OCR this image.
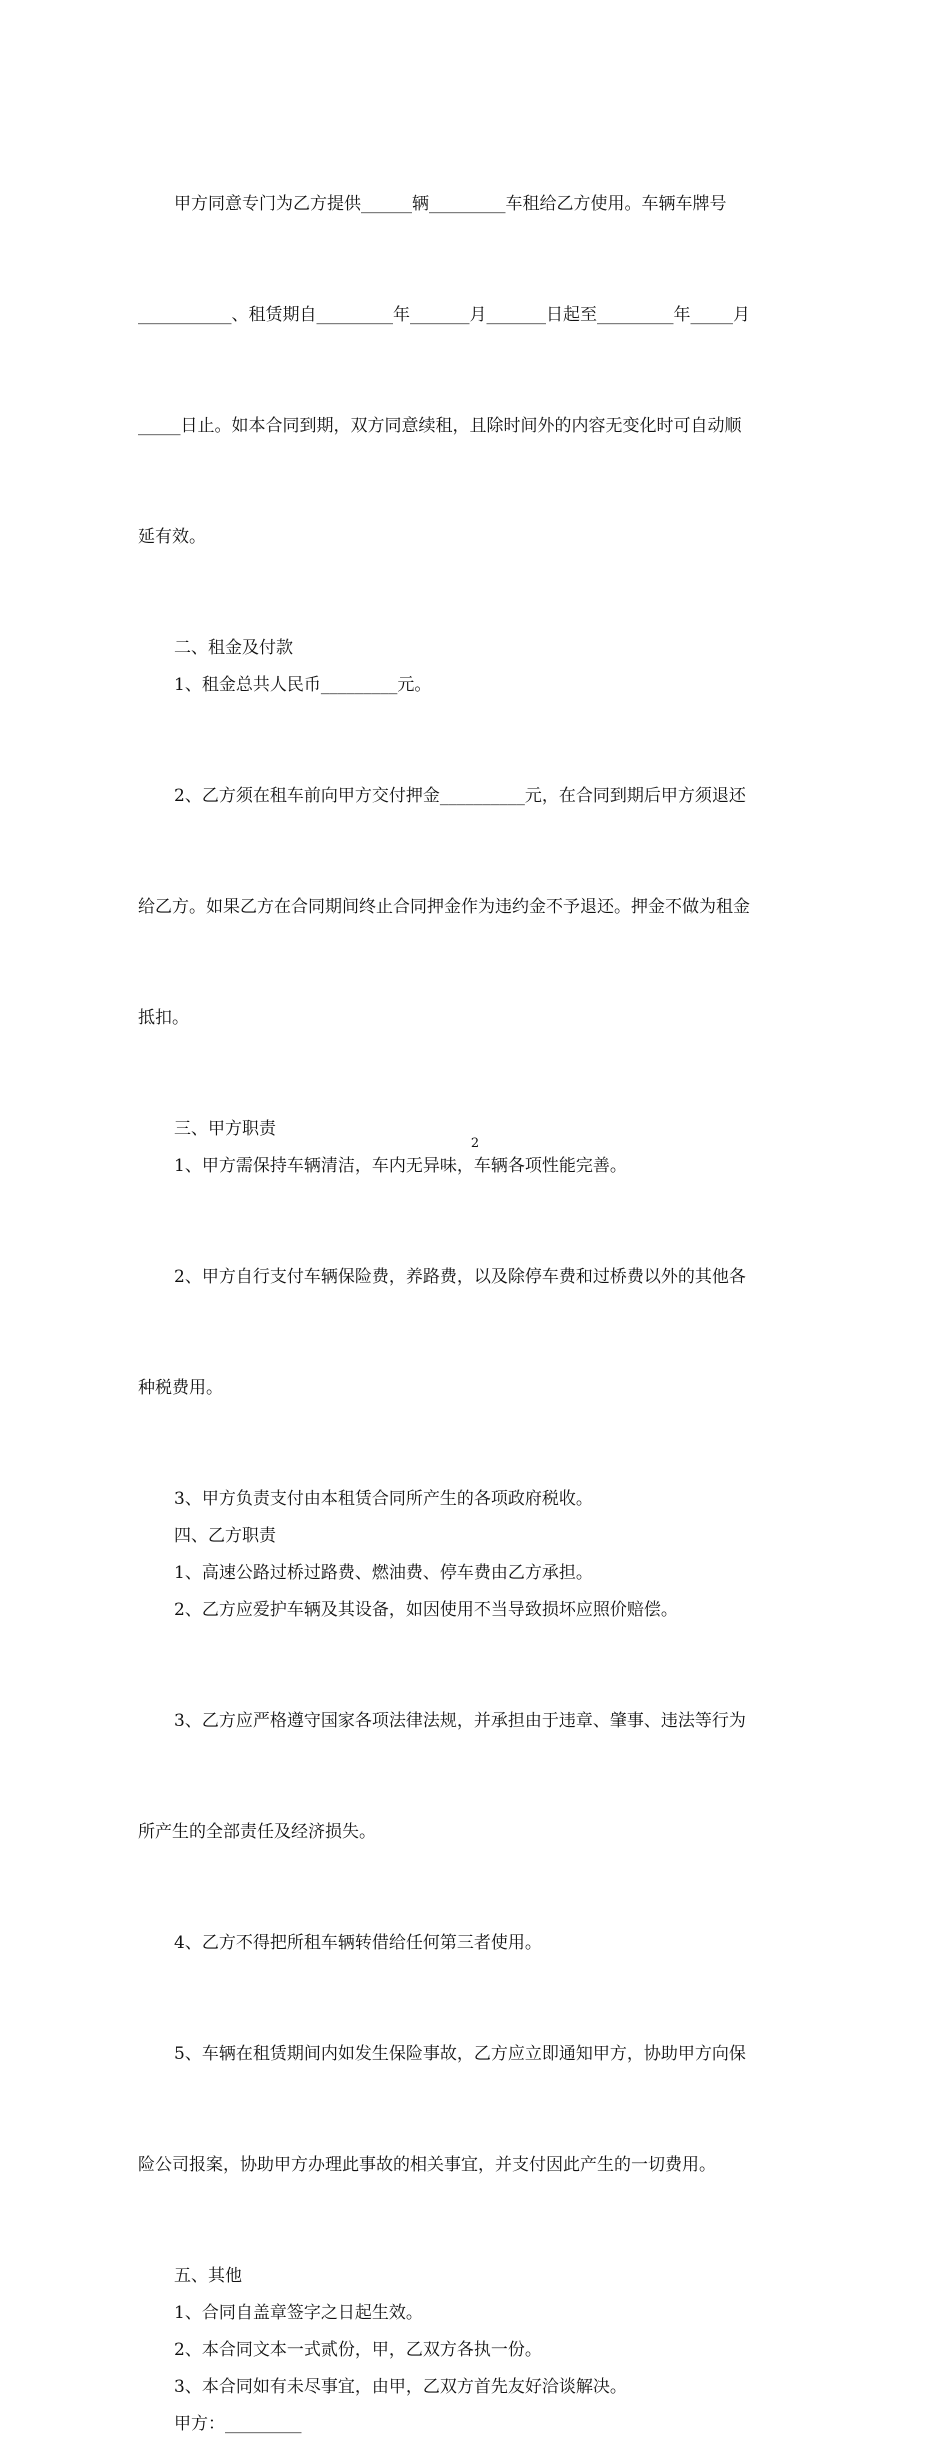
甲方同意专门为乙方提供______辆_________车租给乙方使用。车辆车牌号

___________、租赁期自_________年_______月_______日起至_________年_____月

_____日止。如本合同到期，双方同意续租，且除时间外的内容无变化时可自动顺

延有效。

二、租金及付款
1、租金总共人民币_________元。

2、乙方须在租车前向甲方交付押金__________元，在合同到期后甲方须退还

给乙方。如果乙方在合同期间终止合同押金作为违约金不予退还。押金不做为租金

抵扣。

三、甲方职责
1、甲方需保持车辆清洁，车内无异味，车辆各项性能完善。

2、甲方自行支付车辆保险费，养路费，以及除停车费和过桥费以外的其他各

种税费用。

3、甲方负责支付由本租赁合同所产生的各项政府税收。
四、乙方职责
1、高速公路过桥过路费、燃油费、停车费由乙方承担。
2、乙方应爱护车辆及其设备，如因使用不当导致损坏应照价赔偿。

3、乙方应严格遵守国家各项法律法规，并承担由于违章、肇事、违法等行为

所产生的全部责任及经济损失。

4、乙方不得把所租车辆转借给任何第三者使用。

5、车辆在租赁期间内如发生保险事故，乙方应立即通知甲方，协助甲方向保

险公司报案，协助甲方办理此事故的相关事宜，并支付因此产生的一切费用。

五、其他
1、合同自盖章签字之日起生效。
2、本合同文本一式贰份，甲，乙双方各执一份。
3、本合同如有未尽事宜，由甲，乙双方首先友好洽谈解决。
甲方：_________
2
